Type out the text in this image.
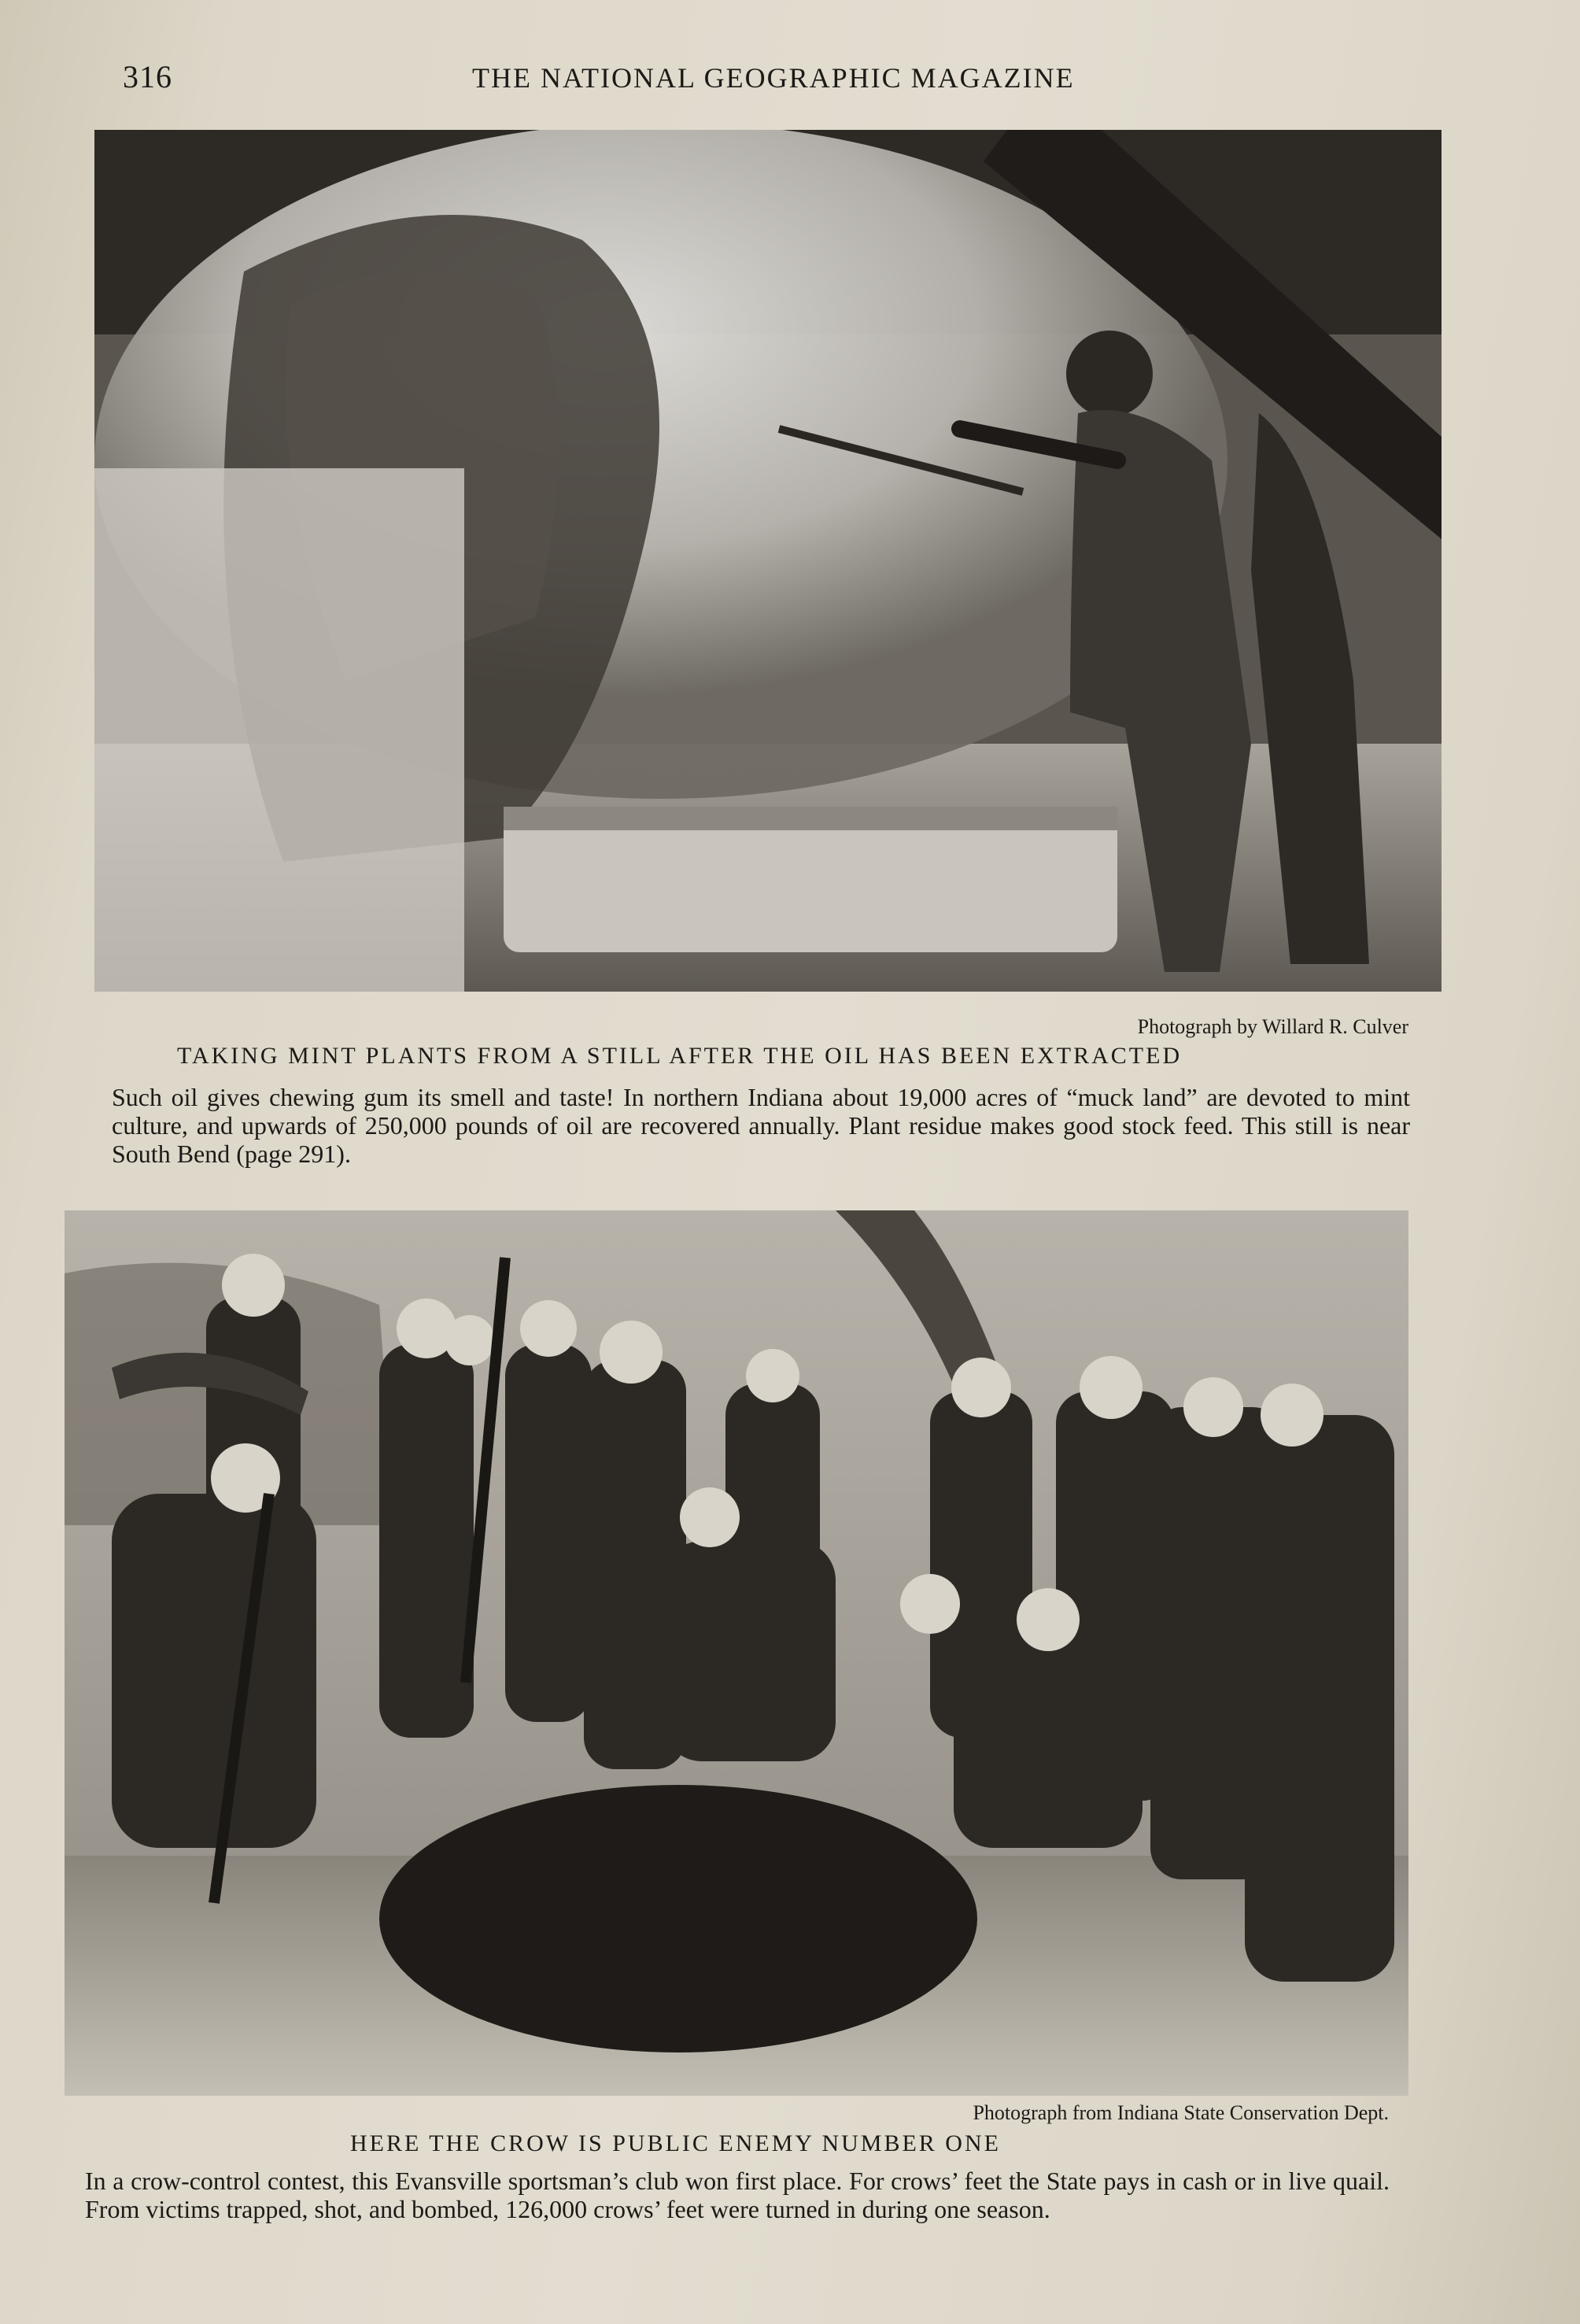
316	THE NATIONAL GEOGRAPHIC MAGAZINE
Photograph by Willard R. Culver
TAKING MINT PLANTS FROM A STILL AFTER THE OIL HAS BEEN EXTRACTED
Such oil gives chewing gum its smell and taste! In northern Indiana about 19,000 acres of “muck land” are devoted to mint culture, and upwards of 250,000 pounds of oil are recovered annually. Plant residue makes good stock feed. This still is near South Bend (page 291).
Photograph from Indiana State Conservation Dept.
HERE THE CROW IS PUBLIC ENEMY NUMBER ONE
In a crow-control contest, this Evansville sportsman’s club won first place. For crows’ feet the State pays in cash or in live quail. From victims trapped, shot, and bombed, 126,000 crows’ feet were turned in during one season.
